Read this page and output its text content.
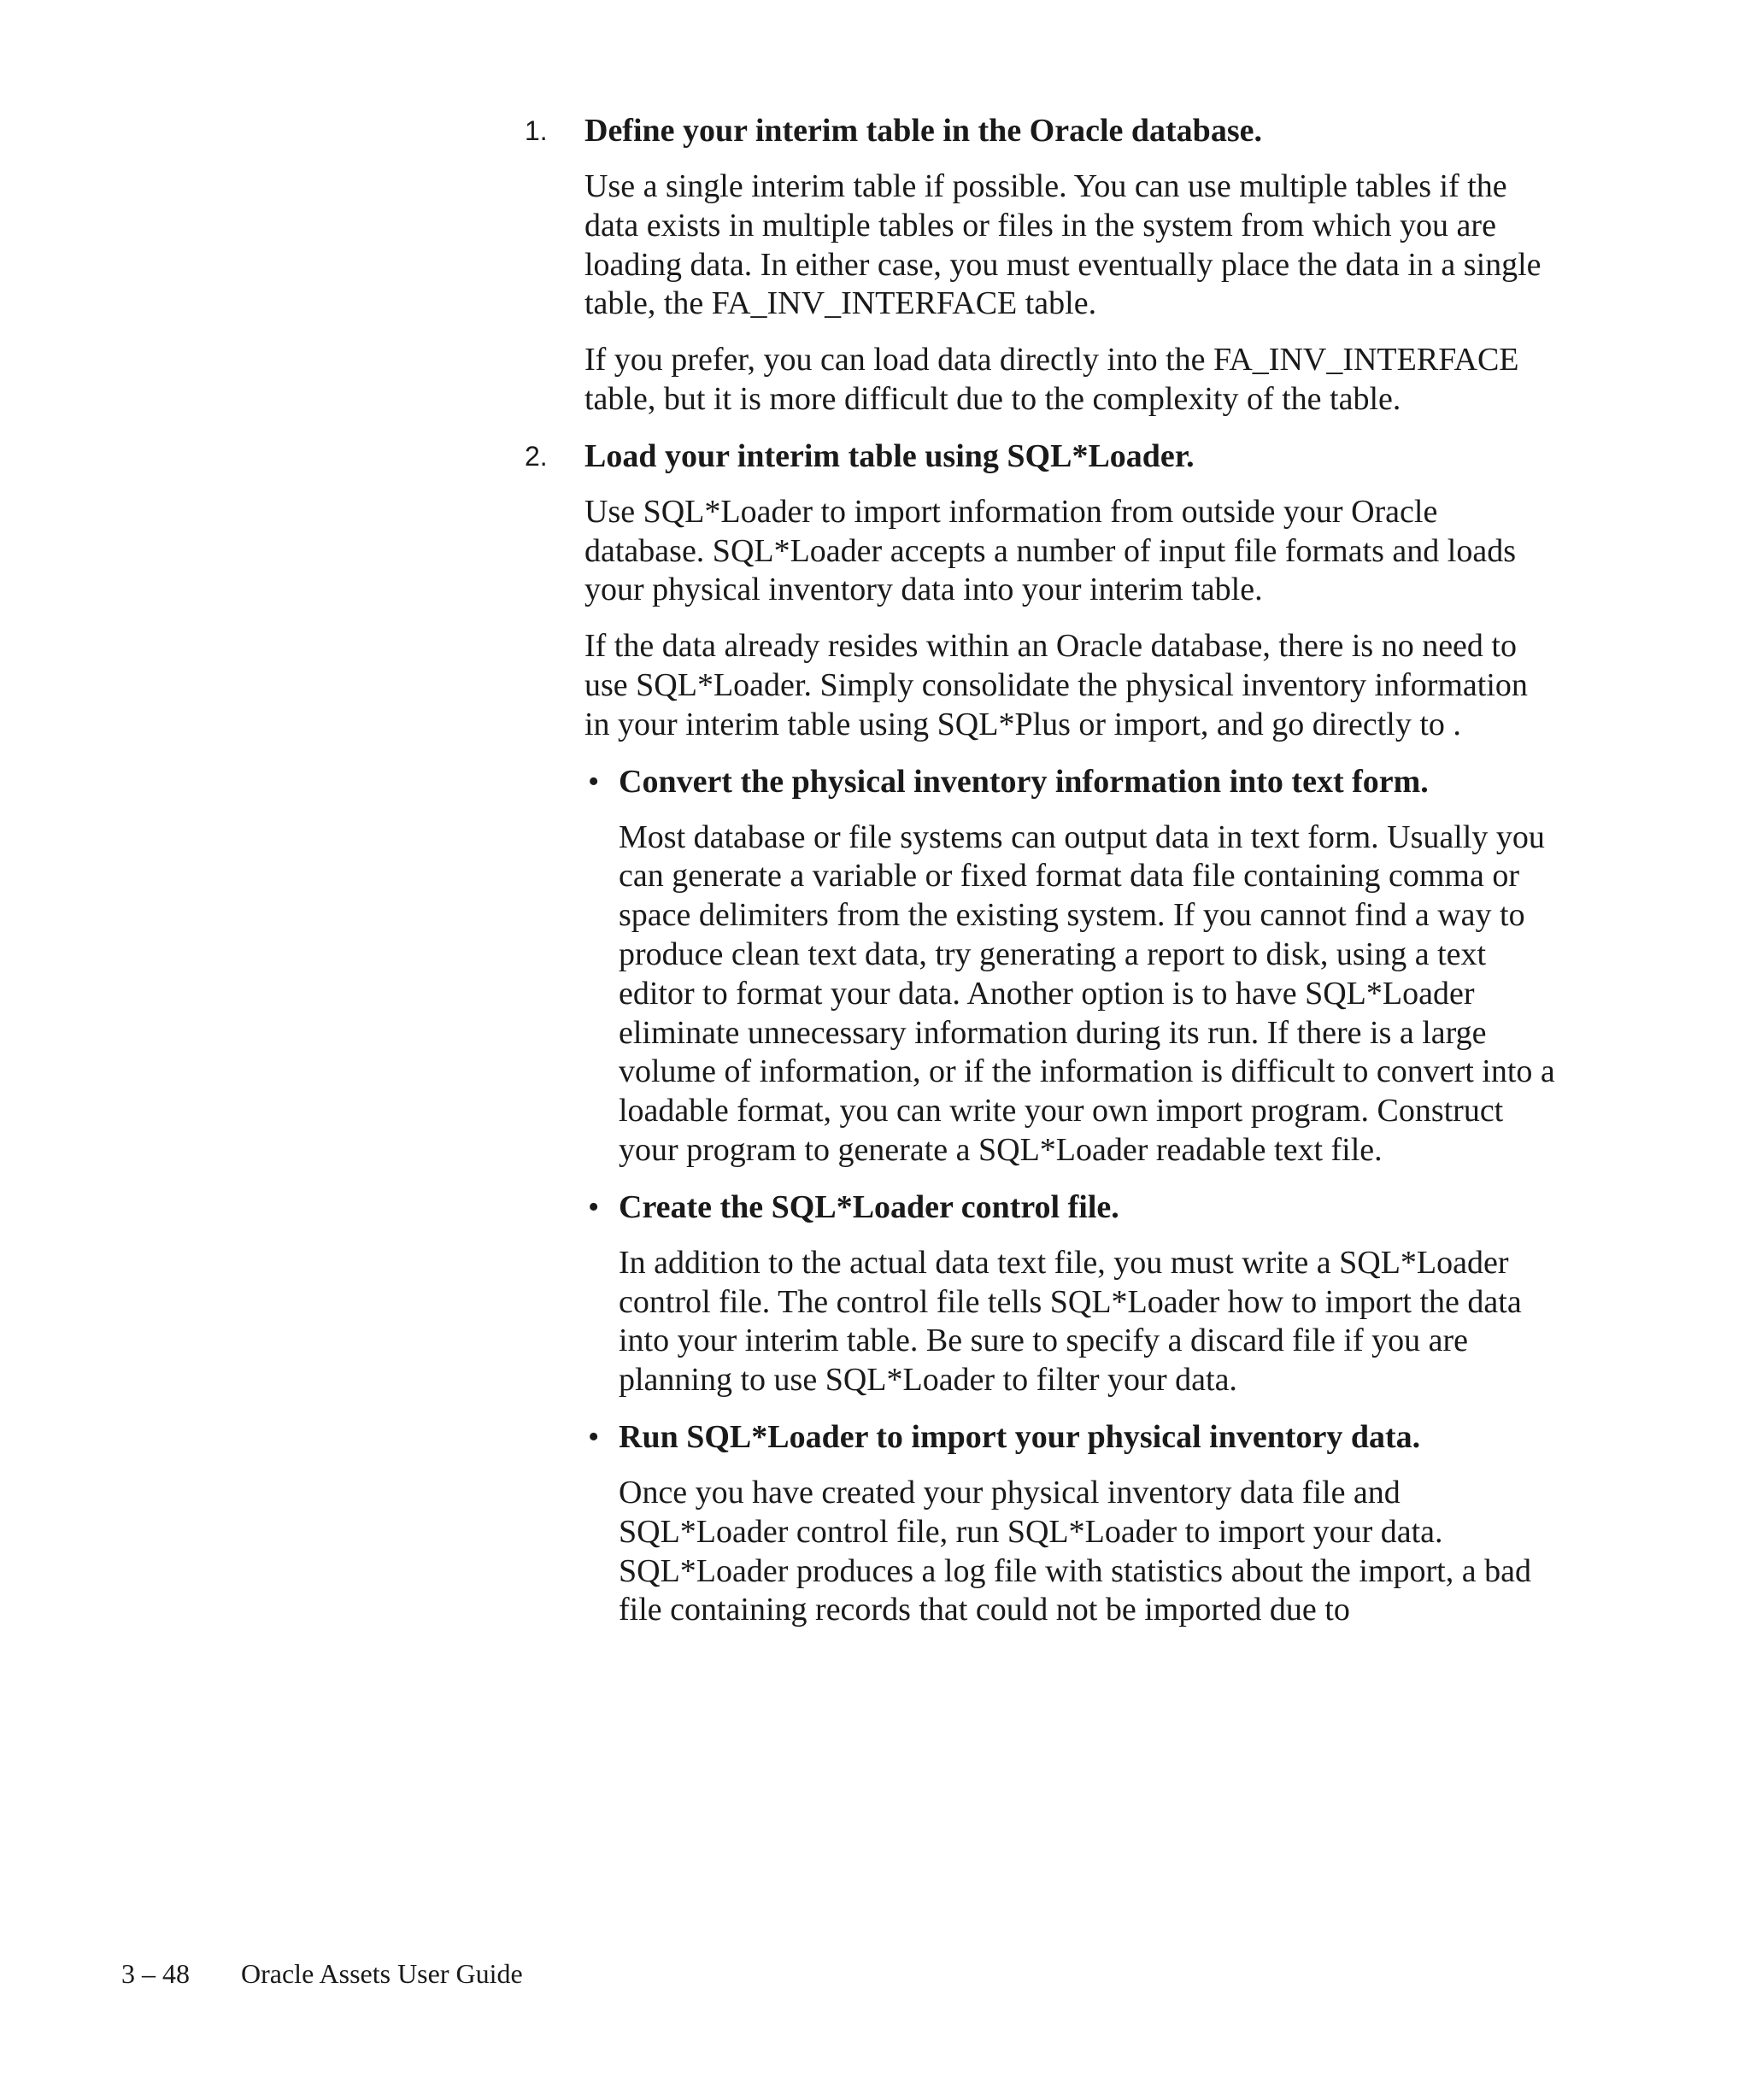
1. Define your interim table in the Oracle database.

Use a single interim table if possible. You can use multiple tables if the data exists in multiple tables or files in the system from which you are loading data. In either case, you must eventually place the data in a single table, the FA_INV_INTERFACE table.

If you prefer, you can load data directly into the FA_INV_INTERFACE table, but it is more difficult due to the complexity of the table.

2. Load your interim table using SQL*Loader.

Use SQL*Loader to import information from outside your Oracle database. SQL*Loader accepts a number of input file formats and loads your physical inventory data into your interim table.

If the data already resides within an Oracle database, there is no need to use SQL*Loader. Simply consolidate the physical inventory information in your interim table using SQL*Plus or import, and go directly to .

• Convert the physical inventory information into text form.

Most database or file systems can output data in text form. Usually you can generate a variable or fixed format data file containing comma or space delimiters from the existing system. If you cannot find a way to produce clean text data, try generating a report to disk, using a text editor to format your data. Another option is to have SQL*Loader eliminate unnecessary information during its run. If there is a large volume of information, or if the information is difficult to convert into a loadable format, you can write your own import program. Construct your program to generate a SQL*Loader readable text file.

• Create the SQL*Loader control file.

In addition to the actual data text file, you must write a SQL*Loader control file. The control file tells SQL*Loader how to import the data into your interim table. Be sure to specify a discard file if you are planning to use SQL*Loader to filter your data.

• Run SQL*Loader to import your physical inventory data.

Once you have created your physical inventory data file and SQL*Loader control file, run SQL*Loader to import your data. SQL*Loader produces a log file with statistics about the import, a bad file containing records that could not be imported due to

3 – 48 Oracle Assets User Guide
